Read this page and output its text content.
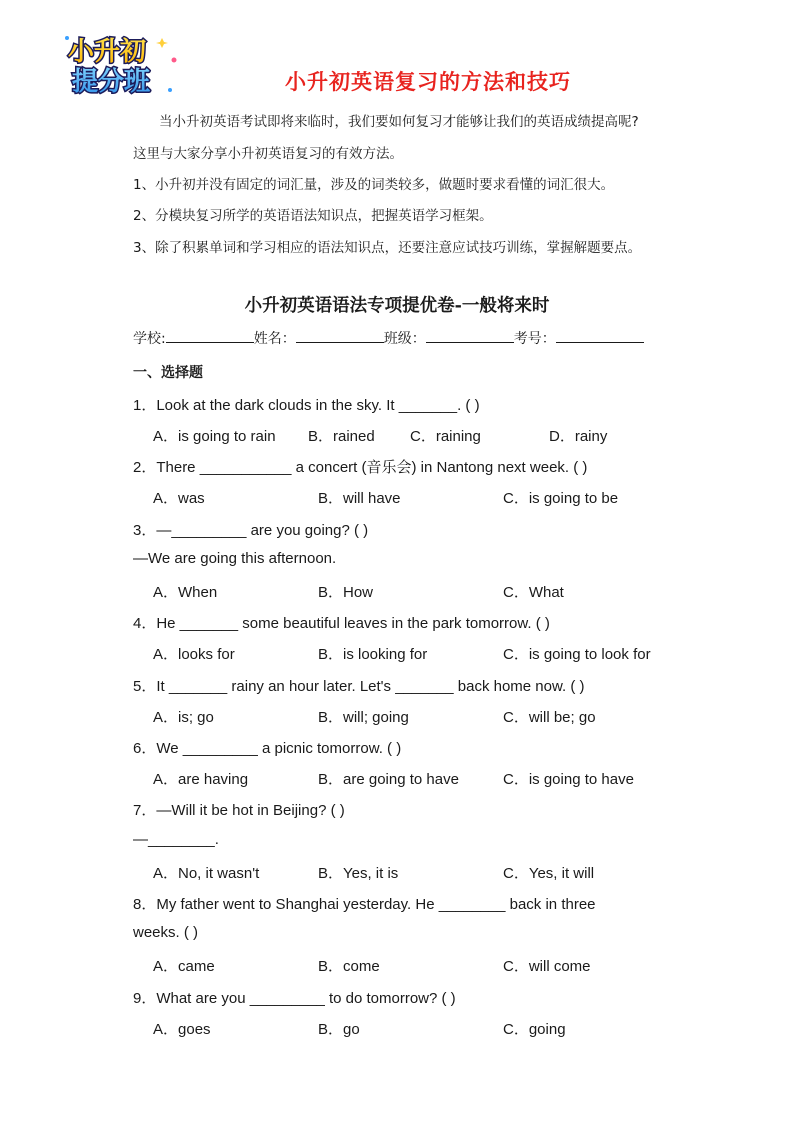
小升初
提分班	小升初英语复习的方法和技巧
当小升初英语考试即将来临时，我们要如何复习才能够让我们的英语成绩提高呢?
这里与大家分享小升初英语复习的有效方法。
1、小升初并没有固定的词汇量，涉及的词类较多，做题时要求看懂的词汇很大。
2、分模块复习所学的英语语法知识点，把握英语学习框架。
3、除了积累单词和学习相应的语法知识点，还要注意应试技巧训练，掌握解题要点。
小升初英语语法专项提优卷-一般将来时
学校:	姓名：	班级：	考号：
一、选择题
1．Look at the dark clouds in the sky. It _______. ( )
A．is going to rain B．rained C．raining	D．rainy
2．There ___________ a concert (音乐会) in Nantong next week. ( )
A．was	B．will have	C．is going to be
3．—_________ are you going? ( )
—We are going this afternoon.
A．When	B．How	C．What
4．He _______ some beautiful leaves in the park tomorrow. ( )
A．looks for	B．is looking for	C．is going to look for
5．It _______ rainy an hour later. Let's _______ back home now. ( )
A．is; go	B．will; going	C．will be; go
6．We _________ a picnic tomorrow. ( )
A．are having	B．are going to have	C．is going to have
7．—Will it be hot in Beijing? ( )
—________.
A．No, it wasn't	B．Yes, it is	C．Yes, it will
8．My father went to Shanghai yesterday. He ________ back in three
weeks. ( )
A．came	B．come	C．will come
9．What are you _________ to do tomorrow? ( )
A．goes	B．go	C．going
